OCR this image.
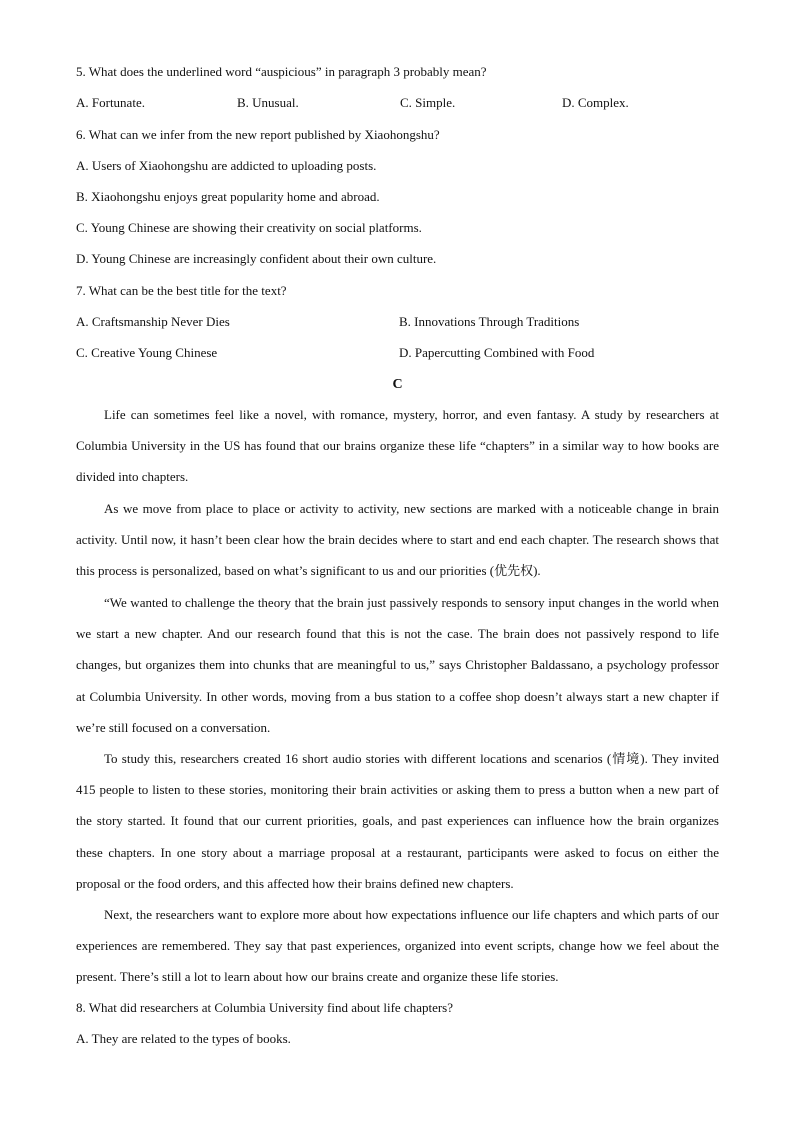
5. What does the underlined word “auspicious” in paragraph 3 probably mean?
A. Fortunate.	B. Unusual.	C. Simple.	D. Complex.
6. What can we infer from the new report published by Xiaohongshu?
A. Users of Xiaohongshu are addicted to uploading posts.
B. Xiaohongshu enjoys great popularity home and abroad.
C. Young Chinese are showing their creativity on social platforms.
D. Young Chinese are increasingly confident about their own culture.
7. What can be the best title for the text?
A. Craftsmanship Never Dies	B. Innovations Through Traditions
C. Creative Young Chinese	D. Papercutting Combined with Food
C

Life can sometimes feel like a novel, with romance, mystery, horror, and even fantasy. A study by researchers at Columbia University in the US has found that our brains organize these life “chapters” in a similar way to how books are divided into chapters.

As we move from place to place or activity to activity, new sections are marked with a noticeable change in brain activity. Until now, it hasn’t been clear how the brain decides where to start and end each chapter. The research shows that this process is personalized, based on what’s significant to us and our priorities (优先权).

“We wanted to challenge the theory that the brain just passively responds to sensory input changes in the world when we start a new chapter. And our research found that this is not the case. The brain does not passively respond to life changes, but organizes them into chunks that are meaningful to us,” says Christopher Baldassano, a psychology professor at Columbia University. In other words, moving from a bus station to a coffee shop doesn’t always start a new chapter if we’re still focused on a conversation.

To study this, researchers created 16 short audio stories with different locations and scenarios (情境). They invited 415 people to listen to these stories, monitoring their brain activities or asking them to press a button when a new part of the story started. It found that our current priorities, goals, and past experiences can influence how the brain organizes these chapters. In one story about a marriage proposal at a restaurant, participants were asked to focus on either the proposal or the food orders, and this affected how their brains defined new chapters.

Next, the researchers want to explore more about how expectations influence our life chapters and which parts of our experiences are remembered. They say that past experiences, organized into event scripts, change how we feel about the present. There’s still a lot to learn about how our brains create and organize these life stories.

8. What did researchers at Columbia University find about life chapters?
A. They are related to the types of books.
